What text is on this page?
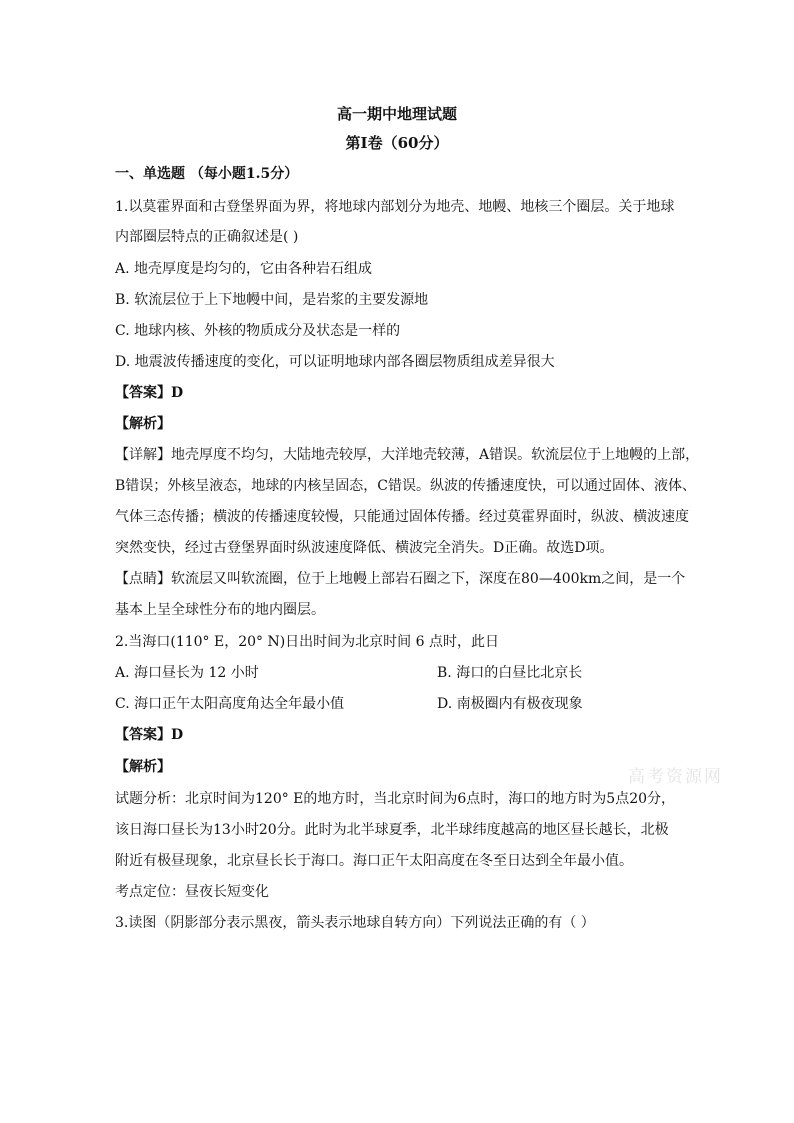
高一期中地理试题
第Ⅰ卷（60分）
一、单选题 （每小题1.5分）
1.以莫霍界面和古登堡界面为界，将地球内部划分为地壳、地幔、地核三个圈层。关于地球
内部圈层特点的正确叙述是( )
A. 地壳厚度是均匀的，它由各种岩石组成
B. 软流层位于上下地幔中间，是岩浆的主要发源地
C. 地球内核、外核的物质成分及状态是一样的
D. 地震波传播速度的变化，可以证明地球内部各圈层物质组成差异很大
【答案】D
【解析】
【详解】地壳厚度不均匀，大陆地壳较厚，大洋地壳较薄，A错误。软流层位于上地幔的上部，
B错误；外核呈液态，地球的内核呈固态，C错误。纵波的传播速度快，可以通过固体、液体、
气体三态传播；横波的传播速度较慢，只能通过固体传播。经过莫霍界面时，纵波、横波速度
突然变快，经过古登堡界面时纵波速度降低、横波完全消失。D正确。故选D项。
【点睛】软流层又叫软流圈，位于上地幔上部岩石圈之下，深度在80—400km之间，是一个
基本上呈全球性分布的地内圈层。
2.当海口(110° E，20° N)日出时间为北京时间 6 点时，此日
A. 海口昼长为 12 小时	B. 海口的白昼比北京长
C. 海口正午太阳高度角达全年最小值	D. 南极圈内有极夜现象
【答案】D
【解析】
试题分析：北京时间为120° E的地方时，当北京时间为6点时，海口的地方时为5点20分，
该日海口昼长为13小时20分。此时为北半球夏季，北半球纬度越高的地区昼长越长，北极
附近有极昼现象，北京昼长长于海口。海口正午太阳高度在冬至日达到全年最小值。
考点定位：昼夜长短变化
3.读图（阴影部分表示黑夜，箭头表示地球自转方向）下列说法正确的有（ ）
高考资源网
